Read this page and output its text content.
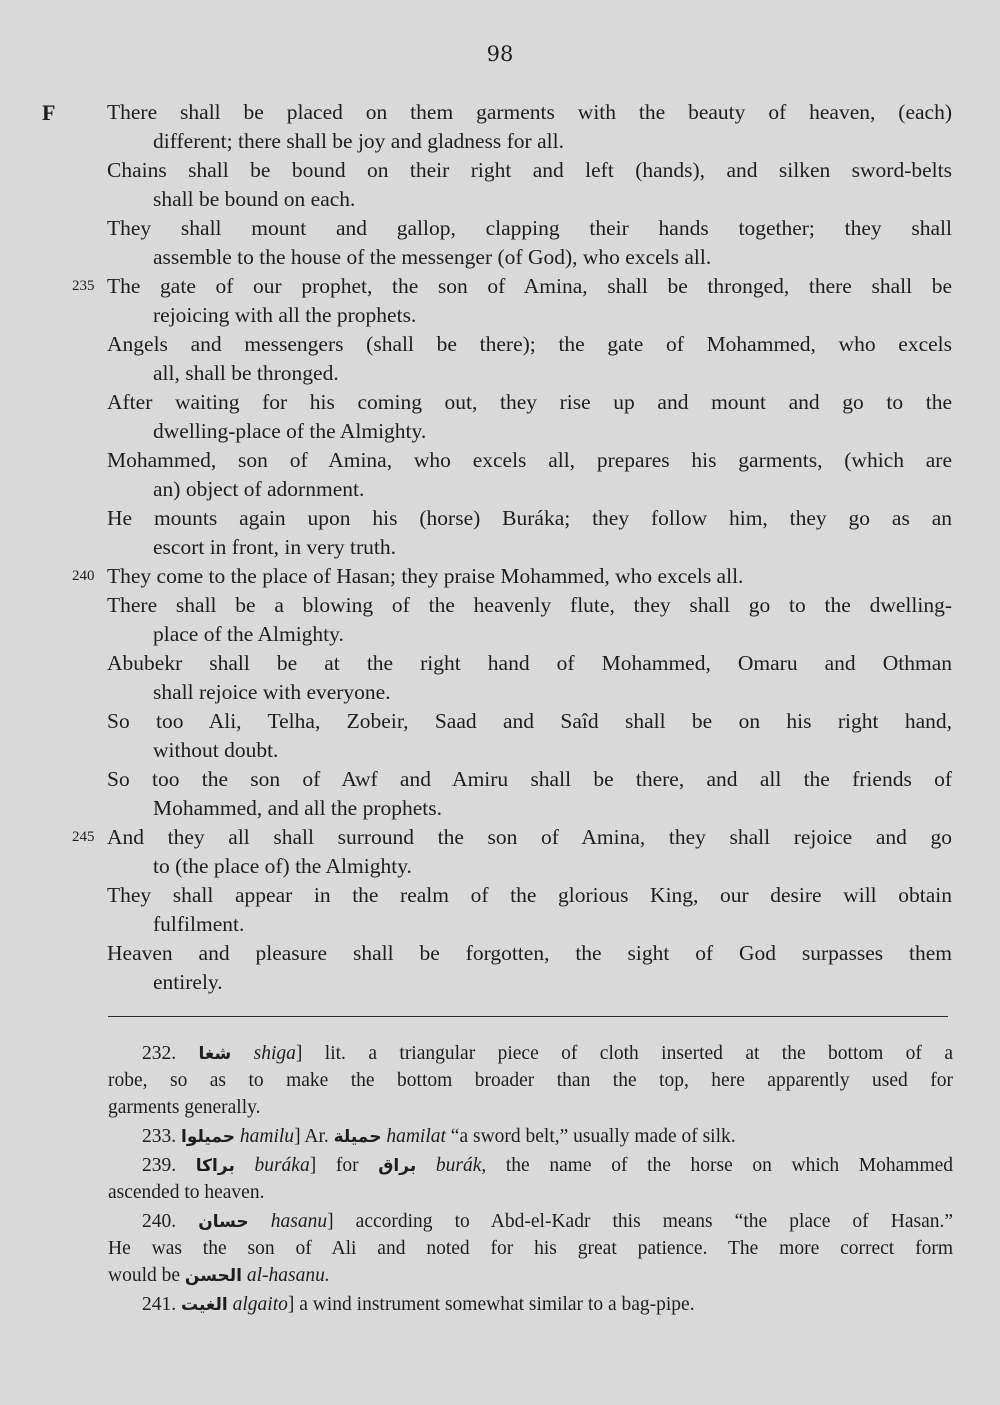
98
F There shall be placed on them garments with the beauty of heaven, (each)
different; there shall be joy and gladness for all.
Chains shall be bound on their right and left (hands), and silken sword-belts
shall be bound on each.
They shall mount and gallop, clapping their hands together; they shall
assemble to the house of the messenger (of God), who excels all.
235 The gate of our prophet, the son of Amina, shall be thronged, there shall be
rejoicing with all the prophets.
Angels and messengers (shall be there); the gate of Mohammed, who excels
all, shall be thronged.
After waiting for his coming out, they rise up and mount and go to the
dwelling-place of the Almighty.
Mohammed, son of Amina, who excels all, prepares his garments, (which are
an) object of adornment.
He mounts again upon his (horse) Buráka; they follow him, they go as an
escort in front, in very truth.
240 They come to the place of Hasan; they praise Mohammed, who excels all.
There shall be a blowing of the heavenly flute, they shall go to the dwelling-
place of the Almighty.
Abubekr shall be at the right hand of Mohammed, Omaru and Othman
shall rejoice with everyone.
So too Ali, Telha, Zobeir, Saad and Saîd shall be on his right hand,
without doubt.
So too the son of Awf and Amiru shall be there, and all the friends of
Mohammed, and all the prophets.
245 And they all shall surround the son of Amina, they shall rejoice and go
to (the place of) the Almighty.
They shall appear in the realm of the glorious King, our desire will obtain
fulfilment.
Heaven and pleasure shall be forgotten, the sight of God surpasses them
entirely.
232. شغا shiga] lit. a triangular piece of cloth inserted at the bottom of a
robe, so as to make the bottom broader than the top, here apparently used for
garments generally.
233. حميلوا hamilu] Ar. حميلة hamilat “a sword belt,” usually made of silk.
239. براكا buráka] for براق burák, the name of the horse on which Mohammed
ascended to heaven.
240. حسان hasanu] according to Abd-el-Kadr this means “the place of Hasan.”
He was the son of Ali and noted for his great patience. The more correct form
would be الحسن al-hasanu.
241. الغيت algaito] a wind instrument somewhat similar to a bag-pipe.
